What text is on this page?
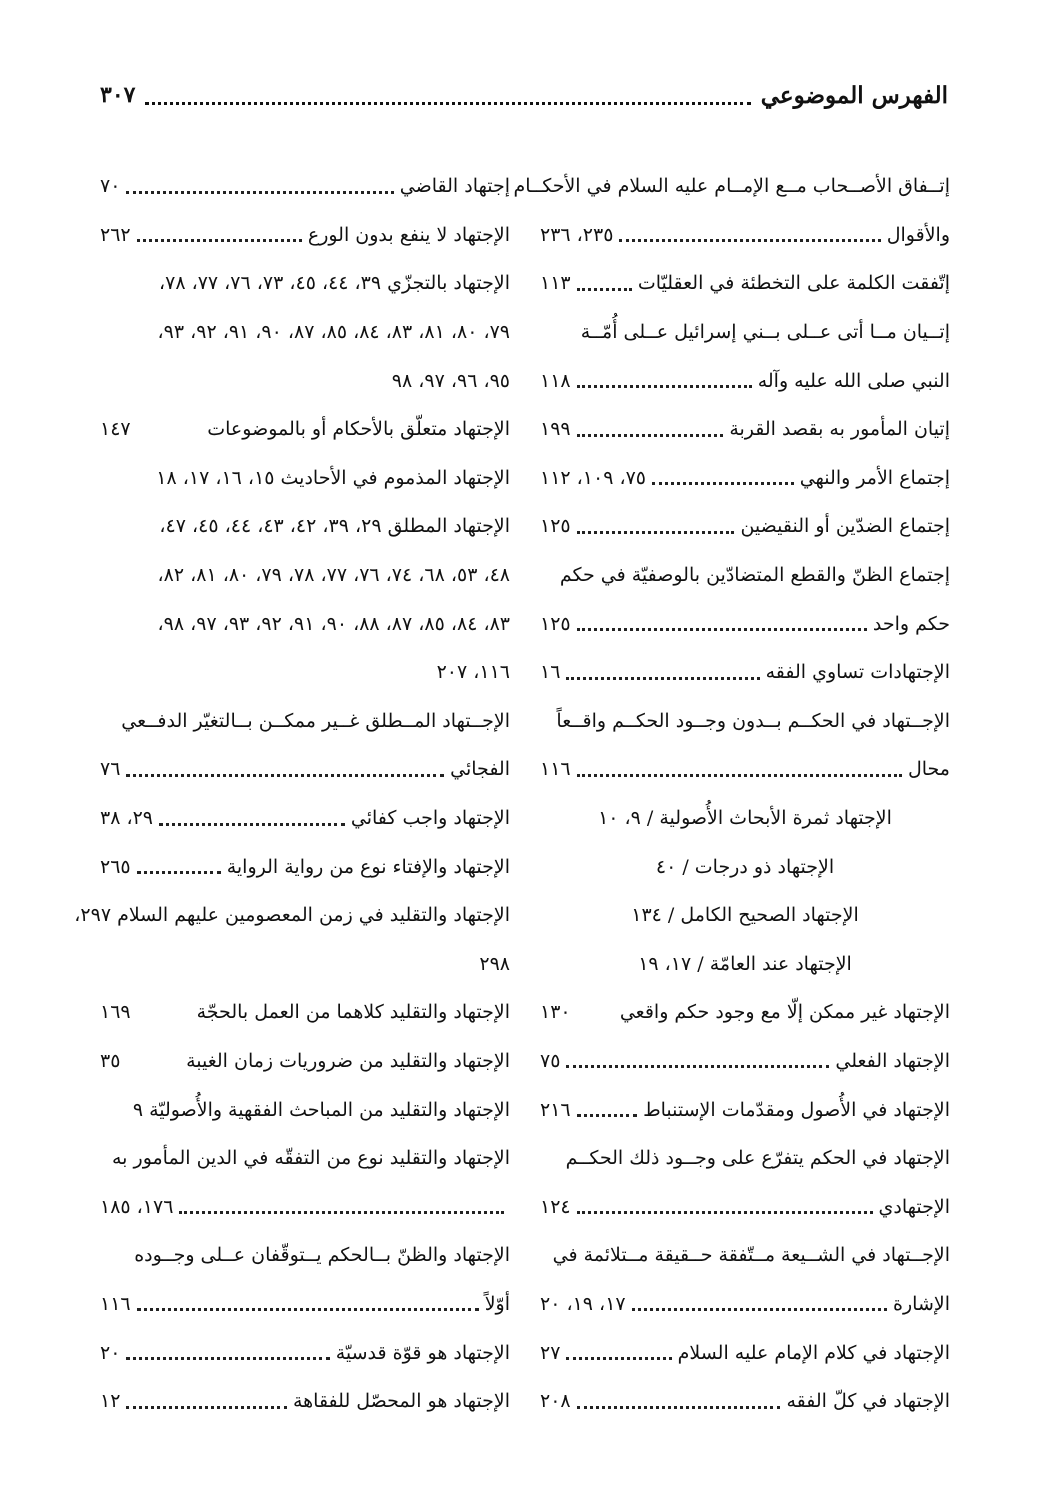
الفهرس الموضوعي
٣٠٧
إتــفاق الأصــحاب مــع الإمــام عليه السلام في الأحكــام
والأقوال
٢٣٥، ٢٣٦
إتّفقت الكلمة على التخطئة في العقليّات
١١٣
إتــيان مــا أتى عــلى بــني إسرائيل عــلى أُمّــة
النبي صلى الله عليه وآله
١١٨
إتيان المأمور به بقصد القربة
١٩٩
إجتماع الأمر والنهي
٧٥، ١٠٩، ١١٢
إجتماع الضدّين أو النقيضين
١٢٥
إجتماع الظنّ والقطع المتضادّين بالوصفيّة في حكم
حكم واحد
١٢٥
الإجتهادات تساوي الفقه
١٦
الإجــتهاد في الحكــم بــدون وجــود الحكــم واقــعاً
محال
١١٦
الإجتهاد ثمرة الأبحاث الأُصولية / ٩، ١٠
الإجتهاد ذو درجات / ٤٠
الإجتهاد الصحيح الكامل / ١٣٤
الإجتهاد عند العامّة / ١٧، ١٩
الإجتهاد غير ممكن إلّا مع وجود حكم واقعي
١٣٠
الإجتهاد الفعلي
٧٥
الإجتهاد في الأُصول ومقدّمات الإستنباط
٢١٦
الإجتهاد في الحكم يتفرّع على وجــود ذلك الحكــم
الإجتهادي
١٢٤
الإجــتهاد في الشــيعة مــتّفقة حــقيقة مــتلائمة في
الإشارة
١٧، ١٩، ٢٠
الإجتهاد في كلام الإمام عليه السلام
٢٧
الإجتهاد في كلّ الفقه
٢٠٨
إجتهاد القاضي
٧٠
الإجتهاد لا ينفع بدون الورع
٢٦٢
الإجتهاد بالتجزّي ٣٩، ٤٤، ٤٥، ٧٣، ٧٦، ٧٧، ٧٨،
٧٩، ٨٠، ٨١، ٨٣، ٨٤، ٨٥، ٨٧، ٩٠، ٩١، ٩٢، ٩٣،
٩٥، ٩٦، ٩٧، ٩٨
الإجتهاد متعلّق بالأحكام أو بالموضوعات
١٤٧
الإجتهاد المذموم في الأحاديث ١٥، ١٦، ١٧، ١٨
الإجتهاد المطلق ٢٩، ٣٩، ٤٢، ٤٣، ٤٤، ٤٥، ٤٧،
٤٨، ٥٣، ٦٨، ٧٤، ٧٦، ٧٧، ٧٨، ٧٩، ٨٠، ٨١، ٨٢،
٨٣، ٨٤، ٨٥، ٨٧، ٨٨، ٩٠، ٩١، ٩٢، ٩٣، ٩٧، ٩٨،
١١٦، ٢٠٧
الإجــتهاد المــطلق غــير ممكــن بــالتغيّر الدفــعي
الفجائي
٧٦
الإجتهاد واجب كفائي
٢٩، ٣٨
الإجتهاد والإفتاء نوع من رواية الرواية
٢٦٥
الإجتهاد والتقليد في زمن المعصومين عليهم السلام ٢٩٧،
٢٩٨
الإجتهاد والتقليد كلاهما من العمل بالحجّة
١٦٩
الإجتهاد والتقليد من ضروريات زمان الغيبة
٣٥
الإجتهاد والتقليد من المباحث الفقهية والأُصوليّة ٩
الإجتهاد والتقليد نوع من التفقّه في الدين المأمور به
١٧٦، ١٨٥
الإجتهاد والظنّ بــالحكم يــتوقّفان عــلى وجــوده
أوّلاً
١١٦
الإجتهاد هو قوّة قدسيّة
٢٠
الإجتهاد هو المحصّل للفقاهة
١٢
